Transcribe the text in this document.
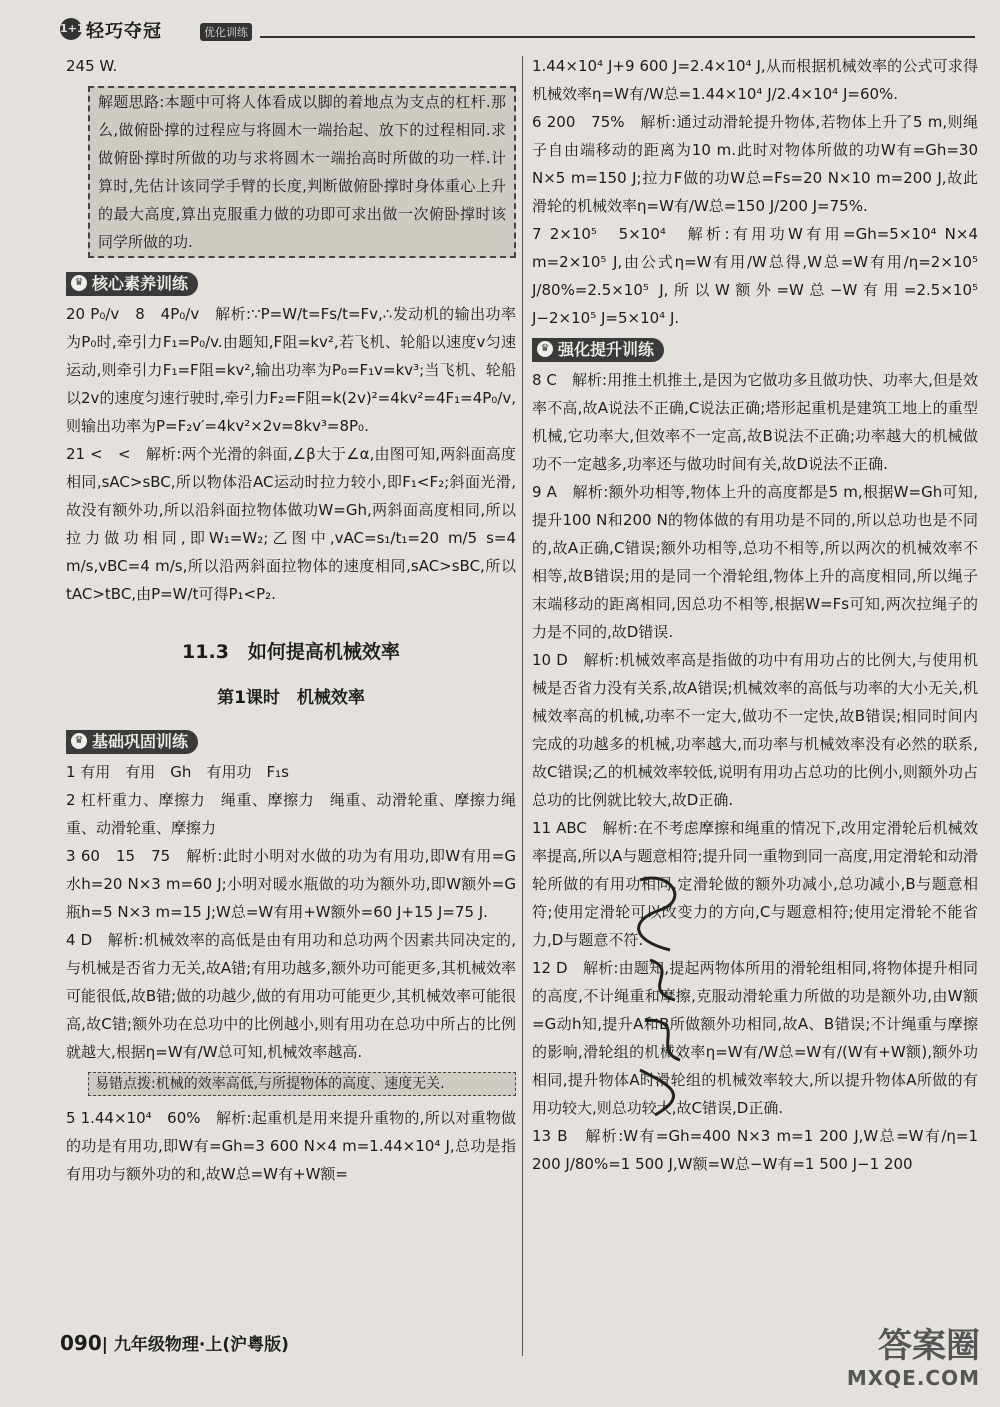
1+1 轻巧夺冠	优化训练

245 W.

解题思路:本题中可将人体看成以脚的着地点为支点的杠杆.那么,做俯卧撑的过程应与将圆木一端抬起、放下的过程相同.求做俯卧撑时所做的功与求将圆木一端抬高时所做的功一样.计算时,先估计该同学手臂的长度,判断做俯卧撑时身体重心上升的最大高度,算出克服重力做的功即可求出做一次俯卧撑时该同学所做的功.

♛ 核心素养训练

20 P₀/v　8　4P₀/v　解析:∵P=W/t=Fs/t=Fv,∴发动机的输出功率为P₀时,牵引力F₁=P₀/v.由题知,F阻=kv²,若飞机、轮船以速度v匀速运动,则牵引力F₁=F阻=kv²,输出功率为P₀=F₁v=kv³;当飞机、轮船以2v的速度匀速行驶时,牵引力F₂=F阻=k(2v)²=4kv²=4F₁=4P₀/v,则输出功率为P=F₂v′=4kv²×2v=8kv³=8P₀.

21 <　<　解析:两个光滑的斜面,∠β大于∠α,由图可知,两斜面高度相同,sAC>sBC,所以物体沿AC运动时拉力较小,即F₁<F₂;斜面光滑,故没有额外功,所以沿斜面拉物体做功W=Gh,两斜面高度相同,所以拉力做功相同,即W₁=W₂;乙图中,vAC=s₁/t₁=20 m/5 s=4 m/s,vBC=4 m/s,所以沿两斜面拉物体的速度相同,sAC>sBC,所以tAC>tBC,由P=W/t可得P₁<P₂.

11.3　如何提高机械效率
第1课时　机械效率
♛ 基础巩固训练

1 有用　有用　Gh　有用功　F₁s

2 杠杆重力、摩擦力　绳重、摩擦力　绳重、动滑轮重、摩擦力绳重、动滑轮重、摩擦力

3 60　15　75　解析:此时小明对水做的功为有用功,即W有用=G水h=20 N×3 m=60 J;小明对暖水瓶做的功为额外功,即W额外=G瓶h=5 N×3 m=15 J;W总=W有用+W额外=60 J+15 J=75 J.

4 D　解析:机械效率的高低是由有用功和总功两个因素共同决定的,与机械是否省力无关,故A错;有用功越多,额外功可能更多,其机械效率可能很低,故B错;做的功越少,做的有用功可能更少,其机械效率可能很高,故C错;额外功在总功中的比例越小,则有用功在总功中所占的比例就越大,根据η=W有/W总可知,机械效率越高.

易错点拨:机械的效率高低,与所提物体的高度、速度无关.

5 1.44×10⁴　60%　解析:起重机是用来提升重物的,所以对重物做的功是有用功,即W有=Gh=3 600 N×4 m=1.44×10⁴ J,总功是指有用功与额外功的和,故W总=W有+W额=

1.44×10⁴ J+9 600 J=2.4×10⁴ J,从而根据机械效率的公式可求得机械效率η=W有/W总=1.44×10⁴ J/2.4×10⁴ J=60%.

6 200　75%　解析:通过动滑轮提升物体,若物体上升了5 m,则绳子自由端移动的距离为10 m.此时对物体所做的功W有=Gh=30 N×5 m=150 J;拉力F做的功W总=Fs=20 N×10 m=200 J,故此滑轮的机械效率η=W有/W总=150 J/200 J=75%.

7 2×10⁵　5×10⁴　解析:有用功W有用=Gh=5×10⁴ N×4 m=2×10⁵ J,由公式η=W有用/W总得,W总=W有用/η=2×10⁵ J/80%=2.5×10⁵ J,所以W额外=W总−W有用=2.5×10⁵ J−2×10⁵ J=5×10⁴ J.

♛ 强化提升训练

8 C　解析:用推土机推土,是因为它做功多且做功快、功率大,但是效率不高,故A说法不正确,C说法正确;塔形起重机是建筑工地上的重型机械,它功率大,但效率不一定高,故B说法不正确;功率越大的机械做功不一定越多,功率还与做功时间有关,故D说法不正确.

9 A　解析:额外功相等,物体上升的高度都是5 m,根据W=Gh可知,提升100 N和200 N的物体做的有用功是不同的,所以总功也是不同的,故A正确,C错误;额外功相等,总功不相等,所以两次的机械效率不相等,故B错误;用的是同一个滑轮组,物体上升的高度相同,所以绳子末端移动的距离相同,因总功不相等,根据W=Fs可知,两次拉绳子的力是不同的,故D错误.

10 D　解析:机械效率高是指做的功中有用功占的比例大,与使用机械是否省力没有关系,故A错误;机械效率的高低与功率的大小无关,机械效率高的机械,功率不一定大,做功不一定快,故B错误;相同时间内完成的功越多的机械,功率越大,而功率与机械效率没有必然的联系,故C错误;乙的机械效率较低,说明有用功占总功的比例小,则额外功占总功的比例就比较大,故D正确.

11 ABC　解析:在不考虑摩擦和绳重的情况下,改用定滑轮后机械效率提高,所以A与题意相符;提升同一重物到同一高度,用定滑轮和动滑轮所做的有用功相同,定滑轮做的额外功减小,总功减小,B与题意相符;使用定滑轮可以改变力的方向,C与题意相符;使用定滑轮不能省力,D与题意不符.

12 D　解析:由题知,提起两物体所用的滑轮组相同,将物体提升相同的高度,不计绳重和摩擦,克服动滑轮重力所做的功是额外功,由W额=G动h知,提升A和B所做额外功相同,故A、B错误;不计绳重与摩擦的影响,滑轮组的机械效率η=W有/W总=W有/(W有+W额),额外功相同,提升物体A时滑轮组的机械效率较大,所以提升物体A所做的有用功较大,则总功较大,故C错误,D正确.

13 B　解析:W有=Gh=400 N×3 m=1 200 J,W总=W有/η=1 200 J/80%=1 500 J,W额=W总−W有=1 500 J−1 200

090| 九年级物理·上(沪粤版)	答案圈
MXQE.COM
